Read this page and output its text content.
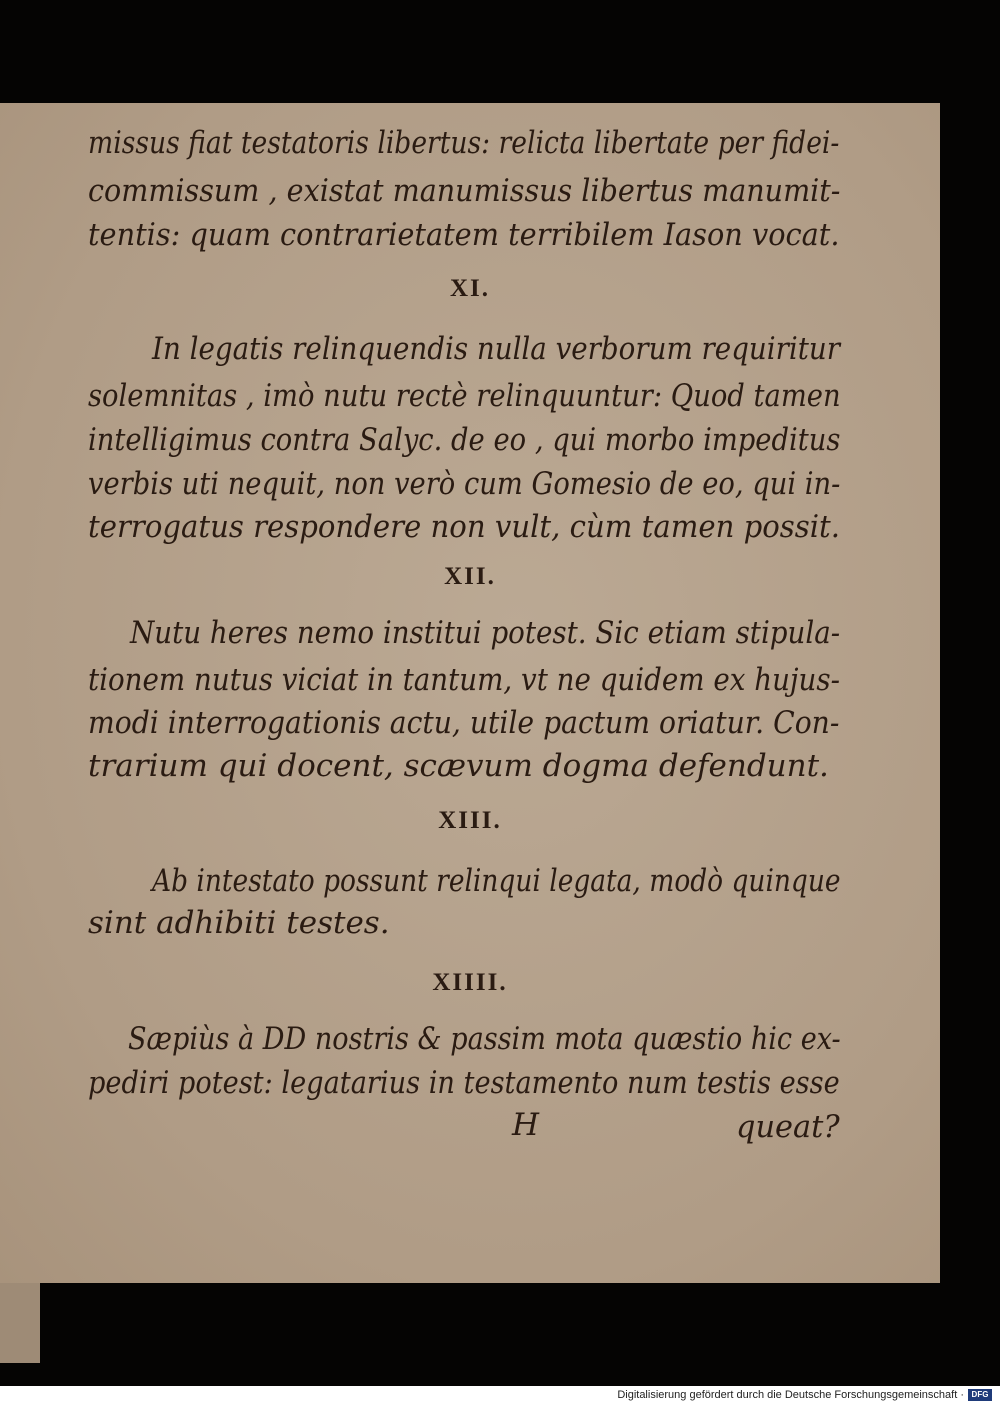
missus fiat testatoris libertus: relicta libertate per fidei-
commissum , existat manumissus libertus manumit-
tentis: quam contrarietatem terribilem Iason vocat.
XI.
In legatis relinquendis nulla verborum requiritur
solemnitas , imò nutu rectè relinquuntur: Quod tamen
intelligimus contra Salyc. de eo , qui morbo impeditus
verbis uti nequit, non verò cum Gomesio de eo, qui in-
terrogatus respondere non vult, cùm tamen possit.
XII.
Nutu heres nemo institui potest. Sic etiam stipula-
tionem nutus viciat in tantum, vt ne quidem ex hujus-
modi interrogationis actu, utile pactum oriatur. Con-
trarium qui docent, scævum dogma defendunt.
XIII.
Ab intestato possunt relinqui legata, modò quinque
sint adhibiti testes.
XIIII.
Sæpiùs à DD nostris & passim mota quæstio hic ex-
pediri potest: legatarius in testamento num testis esse
H	queat?
Digitalisierung gefördert durch die Deutsche Forschungsgemeinschaft · DFG
